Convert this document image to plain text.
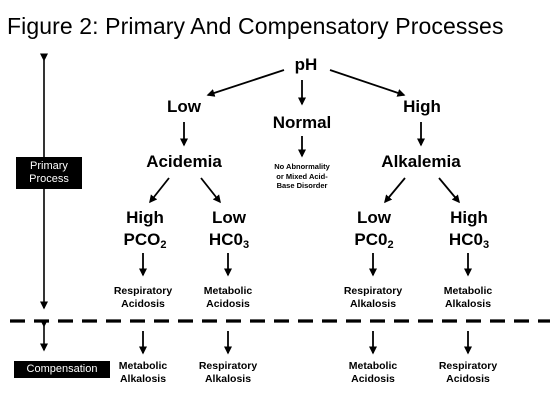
Figure 2: Primary And Compensatory Processes
pH
Low
Normal
High
Acidemia	Alkalemia
No Abnormality
or Mixed Acid-
Base Disorder
High
$PCO_2$
Low
$HC0_3$
Low
$PC0_2$
High
$HC0_3$
Respiratory
Acidosis
Metabolic
Acidosis
Respiratory
Alkalosis
Metabolic
Alkalosis
Metabolic
Alkalosis
Respiratory
Alkalosis
Metabolic
Acidosis
Respiratory
Acidosis
Primary
Process
Compensation
